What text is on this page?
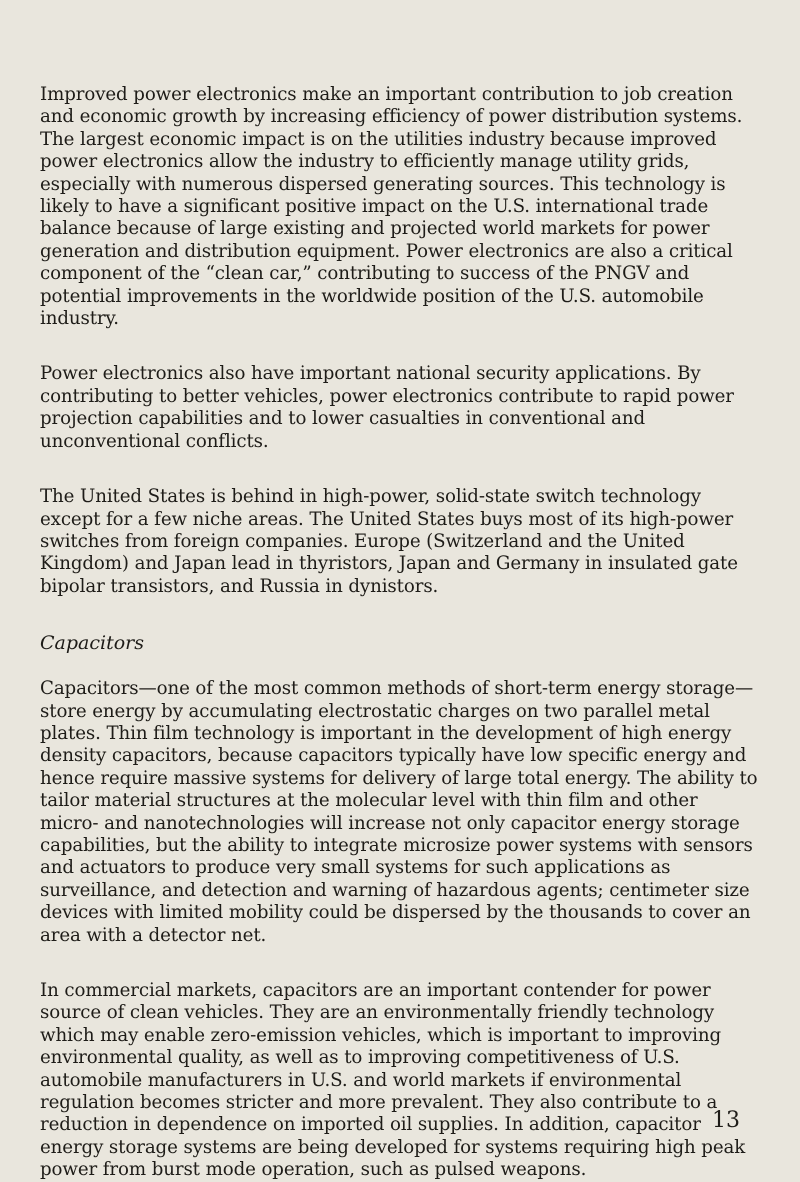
Improved power electronics make an important contribution to job creation and economic growth by increasing efficiency of power distribution systems. The largest economic impact is on the utilities industry because improved power electronics allow the industry to efficiently manage utility grids, especially with numerous dispersed generating sources. This technology is likely to have a significant positive impact on the U.S. international trade balance because of large existing and projected world markets for power generation and distribution equipment. Power electronics are also a critical component of the “clean car,” contributing to success of the PNGV and potential improvements in the worldwide position of the U.S. automobile industry.

Power electronics also have important national security applications. By contributing to better vehicles, power electronics contribute to rapid power projection capabilities and to lower casualties in conventional and unconventional conflicts.

The United States is behind in high-power, solid-state switch technology except for a few niche areas. The United States buys most of its high-power switches from foreign companies. Europe (Switzerland and the United Kingdom) and Japan lead in thyristors, Japan and Germany in insulated gate bipolar transistors, and Russia in dynistors.

Capacitors

Capacitors—one of the most common methods of short-term energy storage—store energy by accumulating electrostatic charges on two parallel metal plates. Thin film technology is important in the development of high energy density capacitors, because capacitors typically have low specific energy and hence require massive systems for delivery of large total energy. The ability to tailor material structures at the molecular level with thin film and other micro- and nanotechnologies will increase not only capacitor energy storage capabilities, but the ability to integrate microsize power systems with sensors and actuators to produce very small systems for such applications as surveillance, and detection and warning of hazardous agents; centimeter size devices with limited mobility could be dispersed by the thousands to cover an area with a detector net.

In commercial markets, capacitors are an important contender for power source of clean vehicles. They are an environmentally friendly technology which may enable zero-emission vehicles, which is important to improving environmental quality, as well as to improving competitiveness of U.S. automobile manufacturers in U.S. and world markets if environmental regulation becomes stricter and more prevalent. They also contribute to a reduction in dependence on imported oil supplies. In addition, capacitor energy storage systems are being developed for systems requiring high peak power from burst mode operation, such as pulsed weapons.

13
